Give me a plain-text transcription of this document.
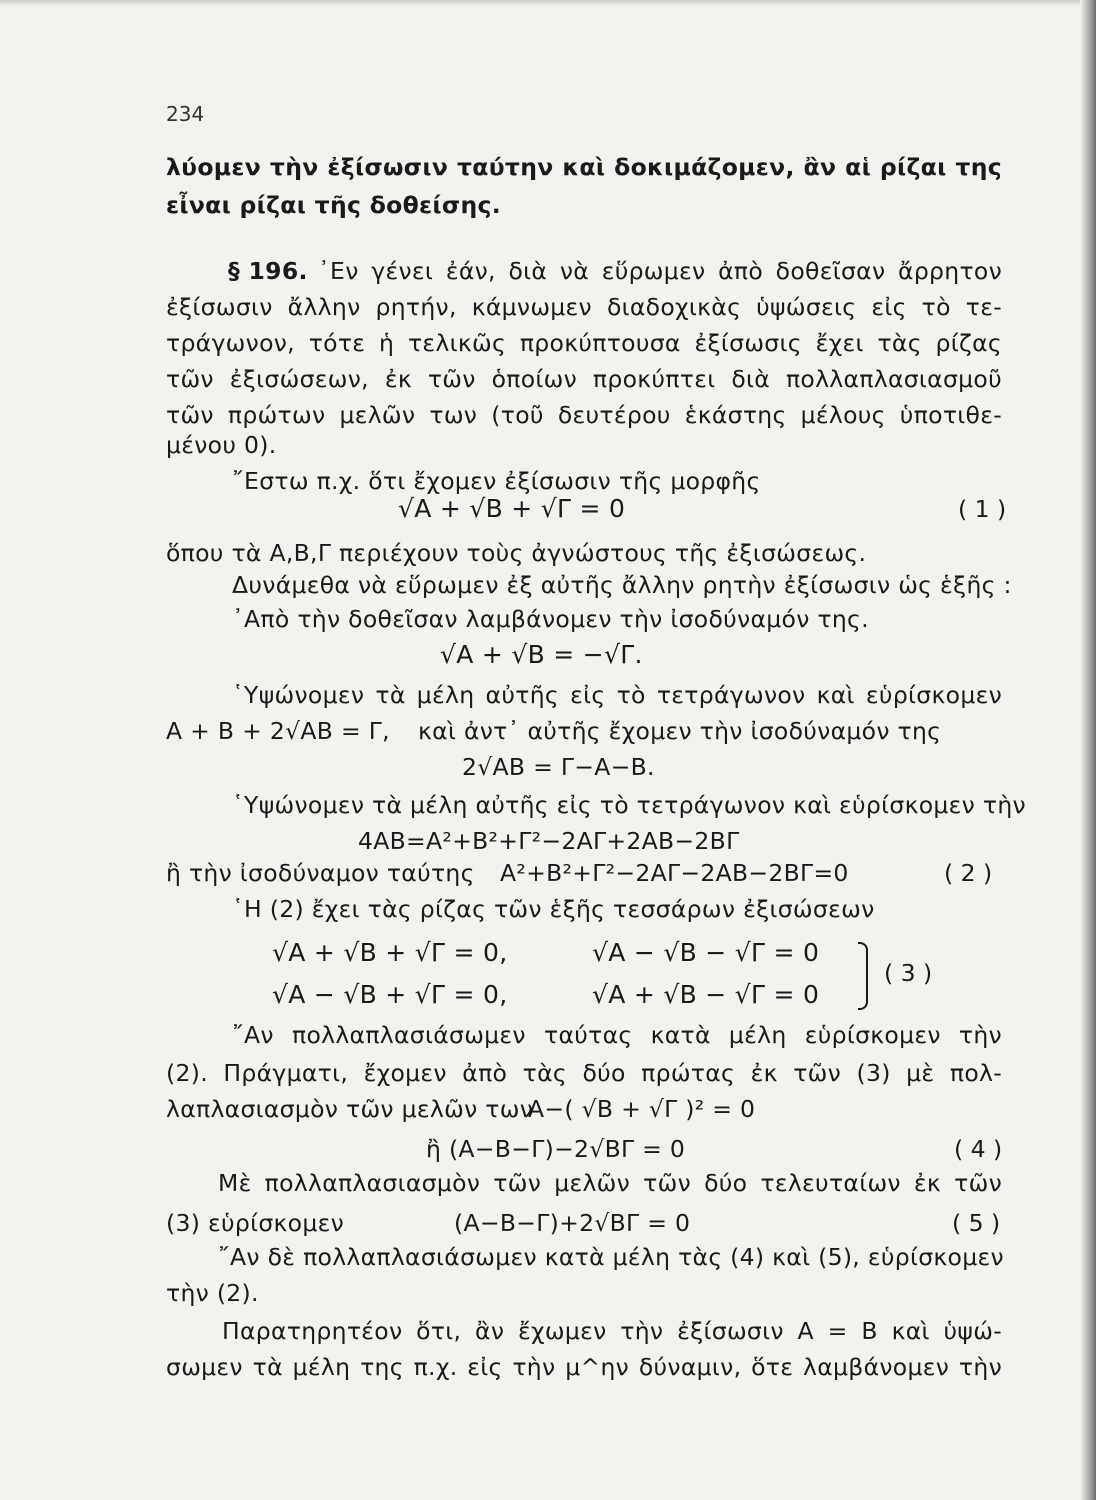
234
λύομεν τὴν ἐξίσωσιν ταύτην καὶ δοκιμάζομεν, ἂν αἱ ρίζαι της
εἶναι ρίζαι τῆς δοθείσης.
§ 196. ᾿Εν γένει ἐάν, διὰ νὰ εὕρωμεν ἀπὸ δοθεῖσαν ἄρρητον
ἐξίσωσιν ἄλλην ρητήν, κάμνωμεν διαδοχικὰς ὑψώσεις εἰς τὸ τε-
τράγωνον, τότε ἡ τελικῶς προκύπτουσα ἐξίσωσις ἔχει τὰς ρίζας
τῶν ἐξισώσεων, ἐκ τῶν ὁποίων προκύπτει διὰ πολλαπλασιασμοῦ
τῶν πρώτων μελῶν των (τοῦ δευτέρου ἑκάστης μέλους ὑποτιθε-
μένου 0).
῎Εστω π.χ. ὅτι ἔχομεν ἐξίσωσιν τῆς μορφῆς
√A + √B + √Γ = 0	( 1 )
ὅπου τὰ Α,Β,Γ περιέχουν τοὺς ἀγνώστους τῆς ἐξισώσεως.
Δυνάμεθα νὰ εὕρωμεν ἐξ αὐτῆς ἄλλην ρητὴν ἐξίσωσιν ὡς ἑξῆς :
᾿Απὸ τὴν δοθεῖσαν λαμβάνομεν τὴν ἰσοδύναμόν της.
√A + √B = −√Γ.
῾Υψώνομεν τὰ μέλη αὐτῆς εἰς τὸ τετράγωνον καὶ εὑρίσκομεν
Α + Β + 2√ΑΒ = Γ, καὶ ἀντ᾿ αὐτῆς ἔχομεν τὴν ἰσοδύναμόν της
2√ΑΒ = Γ−Α−Β.
῾Υψώνομεν τὰ μέλη αὐτῆς εἰς τὸ τετράγωνον καὶ εὑρίσκομεν τὴν
4ΑΒ=Α²+Β²+Γ²−2ΑΓ+2ΑΒ−2ΒΓ
ἢ τὴν ἰσοδύναμον ταύτης Α²+Β²+Γ²−2ΑΓ−2ΑΒ−2ΒΓ=0	( 2 )
῾Η (2) ἔχει τὰς ρίζας τῶν ἑξῆς τεσσάρων ἐξισώσεων
√A + √B + √Γ = 0,	√A − √B − √Γ = 0
√A − √B + √Γ = 0,	√A + √B − √Γ = 0
( 3 )
῎Αν πολλαπλασιάσωμεν ταύτας κατὰ μέλη εὑρίσκομεν τὴν
(2). Πράγματι, ἔχομεν ἀπὸ τὰς δύο πρώτας ἐκ τῶν (3) μὲ πολ-
λαπλασιασμὸν τῶν μελῶν των
Α−( √B + √Γ )² = 0
ἢ (Α−Β−Γ)−2√ΒΓ = 0	( 4 )
Μὲ πολλαπλασιασμὸν τῶν μελῶν τῶν δύο τελευταίων ἐκ τῶν
(3) εὑρίσκομεν	(Α−Β−Γ)+2√ΒΓ = 0	( 5 )
῎Αν δὲ πολλαπλασιάσωμεν κατὰ μέλη τὰς (4) καὶ (5), εὑρίσκομεν
τὴν (2).
Παρατηρητέον ὅτι, ἂν ἔχωμεν τὴν ἐξίσωσιν Α = Β καὶ ὑψώ-
σωμεν τὰ μέλη της π.χ. εἰς τὴν μ^ην δύναμιν, ὅτε λαμβάνομεν τὴν
